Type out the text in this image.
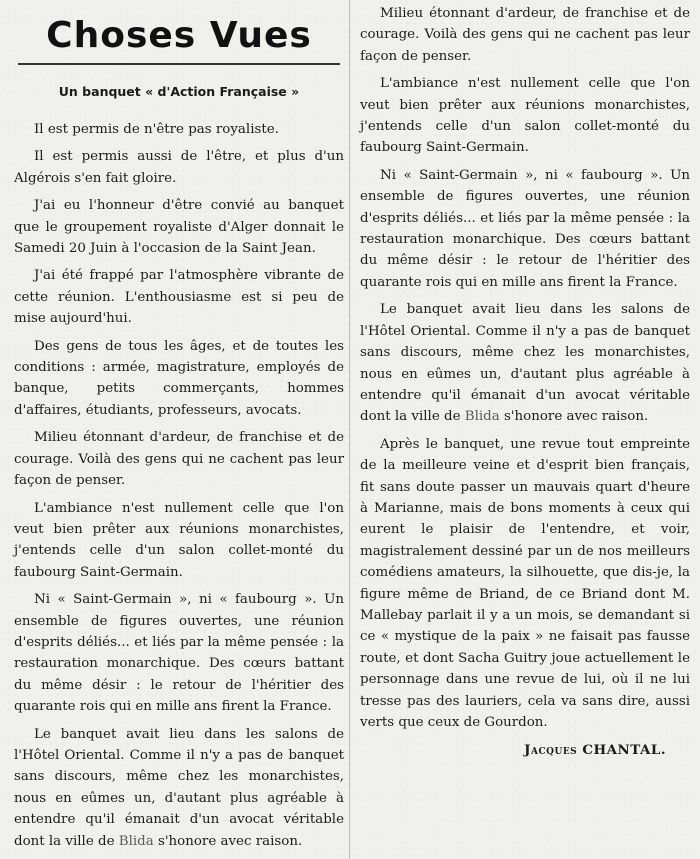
Choses Vues
Un banquet « d'Action Française »

Il est permis de n'être pas royaliste.

Il est permis aussi de l'être, et plus d'un Algérois s'en fait gloire.

J'ai eu l'honneur d'être convié au banquet que le groupement royaliste d'Alger donnait le Samedi 20 Juin à l'occasion de la Saint Jean.

J'ai été frappé par l'atmosphère vibrante de cette réunion. L'enthousiasme est si peu de mise aujourd'hui.

Des gens de tous les âges, et de toutes les conditions : armée, magistrature, employés de banque, petits commerçants, hommes d'affaires, étudiants, professeurs, avocats.

Milieu étonnant d'ardeur, de franchise et de courage. Voilà des gens qui ne cachent pas leur façon de penser.

L'ambiance n'est nullement celle que l'on veut bien prêter aux réunions monarchistes, j'entends celle d'un salon collet-monté du faubourg Saint-Germain.

Ni « Saint-Germain », ni « faubourg ». Un ensemble de figures ouvertes, une réunion d'esprits déliés... et liés par la même pensée : la restauration monarchique. Des cœurs battant du même désir : le retour de l'héritier des quarante rois qui en mille ans firent la France.

Le banquet avait lieu dans les salons de l'Hôtel Oriental. Comme il n'y a pas de banquet sans discours, même chez les monarchistes, nous en eûmes un, d'autant plus agréable à entendre qu'il émanait d'un avocat véritable dont la ville de Blida s'honore avec raison.

Milieu étonnant d'ardeur, de franchise et de courage. Voilà des gens qui ne cachent pas leur façon de penser.

L'ambiance n'est nullement celle que l'on veut bien prêter aux réunions monarchistes, j'entends celle d'un salon collet-monté du faubourg Saint-Germain.

Ni « Saint-Germain », ni « faubourg ». Un ensemble de figures ouvertes, une réunion d'esprits déliés... et liés par la même pensée : la restauration monarchique. Des cœurs battant du même désir : le retour de l'héritier des quarante rois qui en mille ans firent la France.

Le banquet avait lieu dans les salons de l'Hôtel Oriental. Comme il n'y a pas de banquet sans discours, même chez les monarchistes, nous en eûmes un, d'autant plus agréable à entendre qu'il émanait d'un avocat véritable dont la ville de Blida s'honore avec raison.

Après le banquet, une revue tout empreinte de la meilleure veine et d'esprit bien français, fit sans doute passer un mauvais quart d'heure à Marianne, mais de bons moments à ceux qui eurent le plaisir de l'entendre, et voir, magistralement dessiné par un de nos meilleurs comédiens amateurs, la silhouette, que dis-je, la figure même de Briand, de ce Briand dont M. Mallebay parlait il y a un mois, se demandant si ce « mystique de la paix » ne faisait pas fausse route, et dont Sacha Guitry joue actuellement le personnage dans une revue de lui, où il ne lui tresse pas des lauriers, cela va sans dire, aussi verts que ceux de Gourdon.

Jacques CHANTAL.
